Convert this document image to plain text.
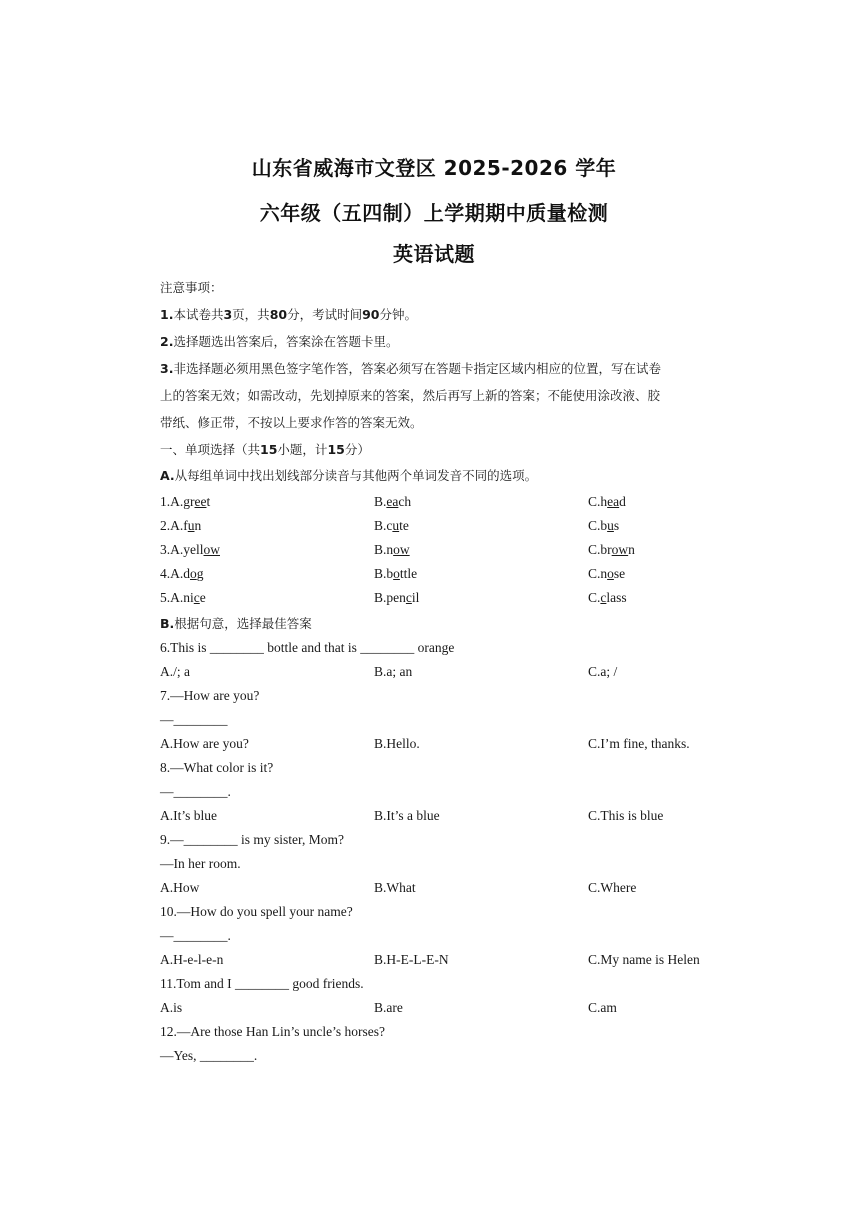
山东省威海市文登区 2025-2026 学年
六年级（五四制）上学期期中质量检测
英语试题
注意事项：
1.本试卷共3页，共80分，考试时间90分钟。
2.选择题选出答案后，答案涂在答题卡里。
3.非选择题必须用黑色签字笔作答，答案必须写在答题卡指定区域内相应的位置，写在试卷
上的答案无效；如需改动，先划掉原来的答案，然后再写上新的答案；不能使用涂改液、胶
带纸、修正带，不按以上要求作答的答案无效。
一、单项选择（共15小题，计15分）
A.从每组单词中找出划线部分读音与其他两个单词发音不同的选项。
1.A.greet	B.each	C.head
2.A.fun	B.cute	C.bus
3.A.yellow	B.now	C.brown
4.A.dog	B.bottle	C.nose
5.A.nice	B.pencil	C.class
B.根据句意，选择最佳答案
6.This is ________ bottle and that is ________ orange
A./; a	B.a; an	C.a; /
7.—How are you?
—________
A.How are you?	B.Hello.	C.I’m fine, thanks.
8.—What color is it?
—________.
A.It’s blue	B.It’s a blue	C.This is blue
9.—________ is my sister, Mom?
—In her room.
A.How	B.What	C.Where
10.—How do you spell your name?
—________.
A.H-e-l-e-n	B.H-E-L-E-N	C.My name is Helen
11.Tom and I ________ good friends.
A.is	B.are	C.am
12.—Are those Han Lin’s uncle’s horses?
—Yes, ________.
